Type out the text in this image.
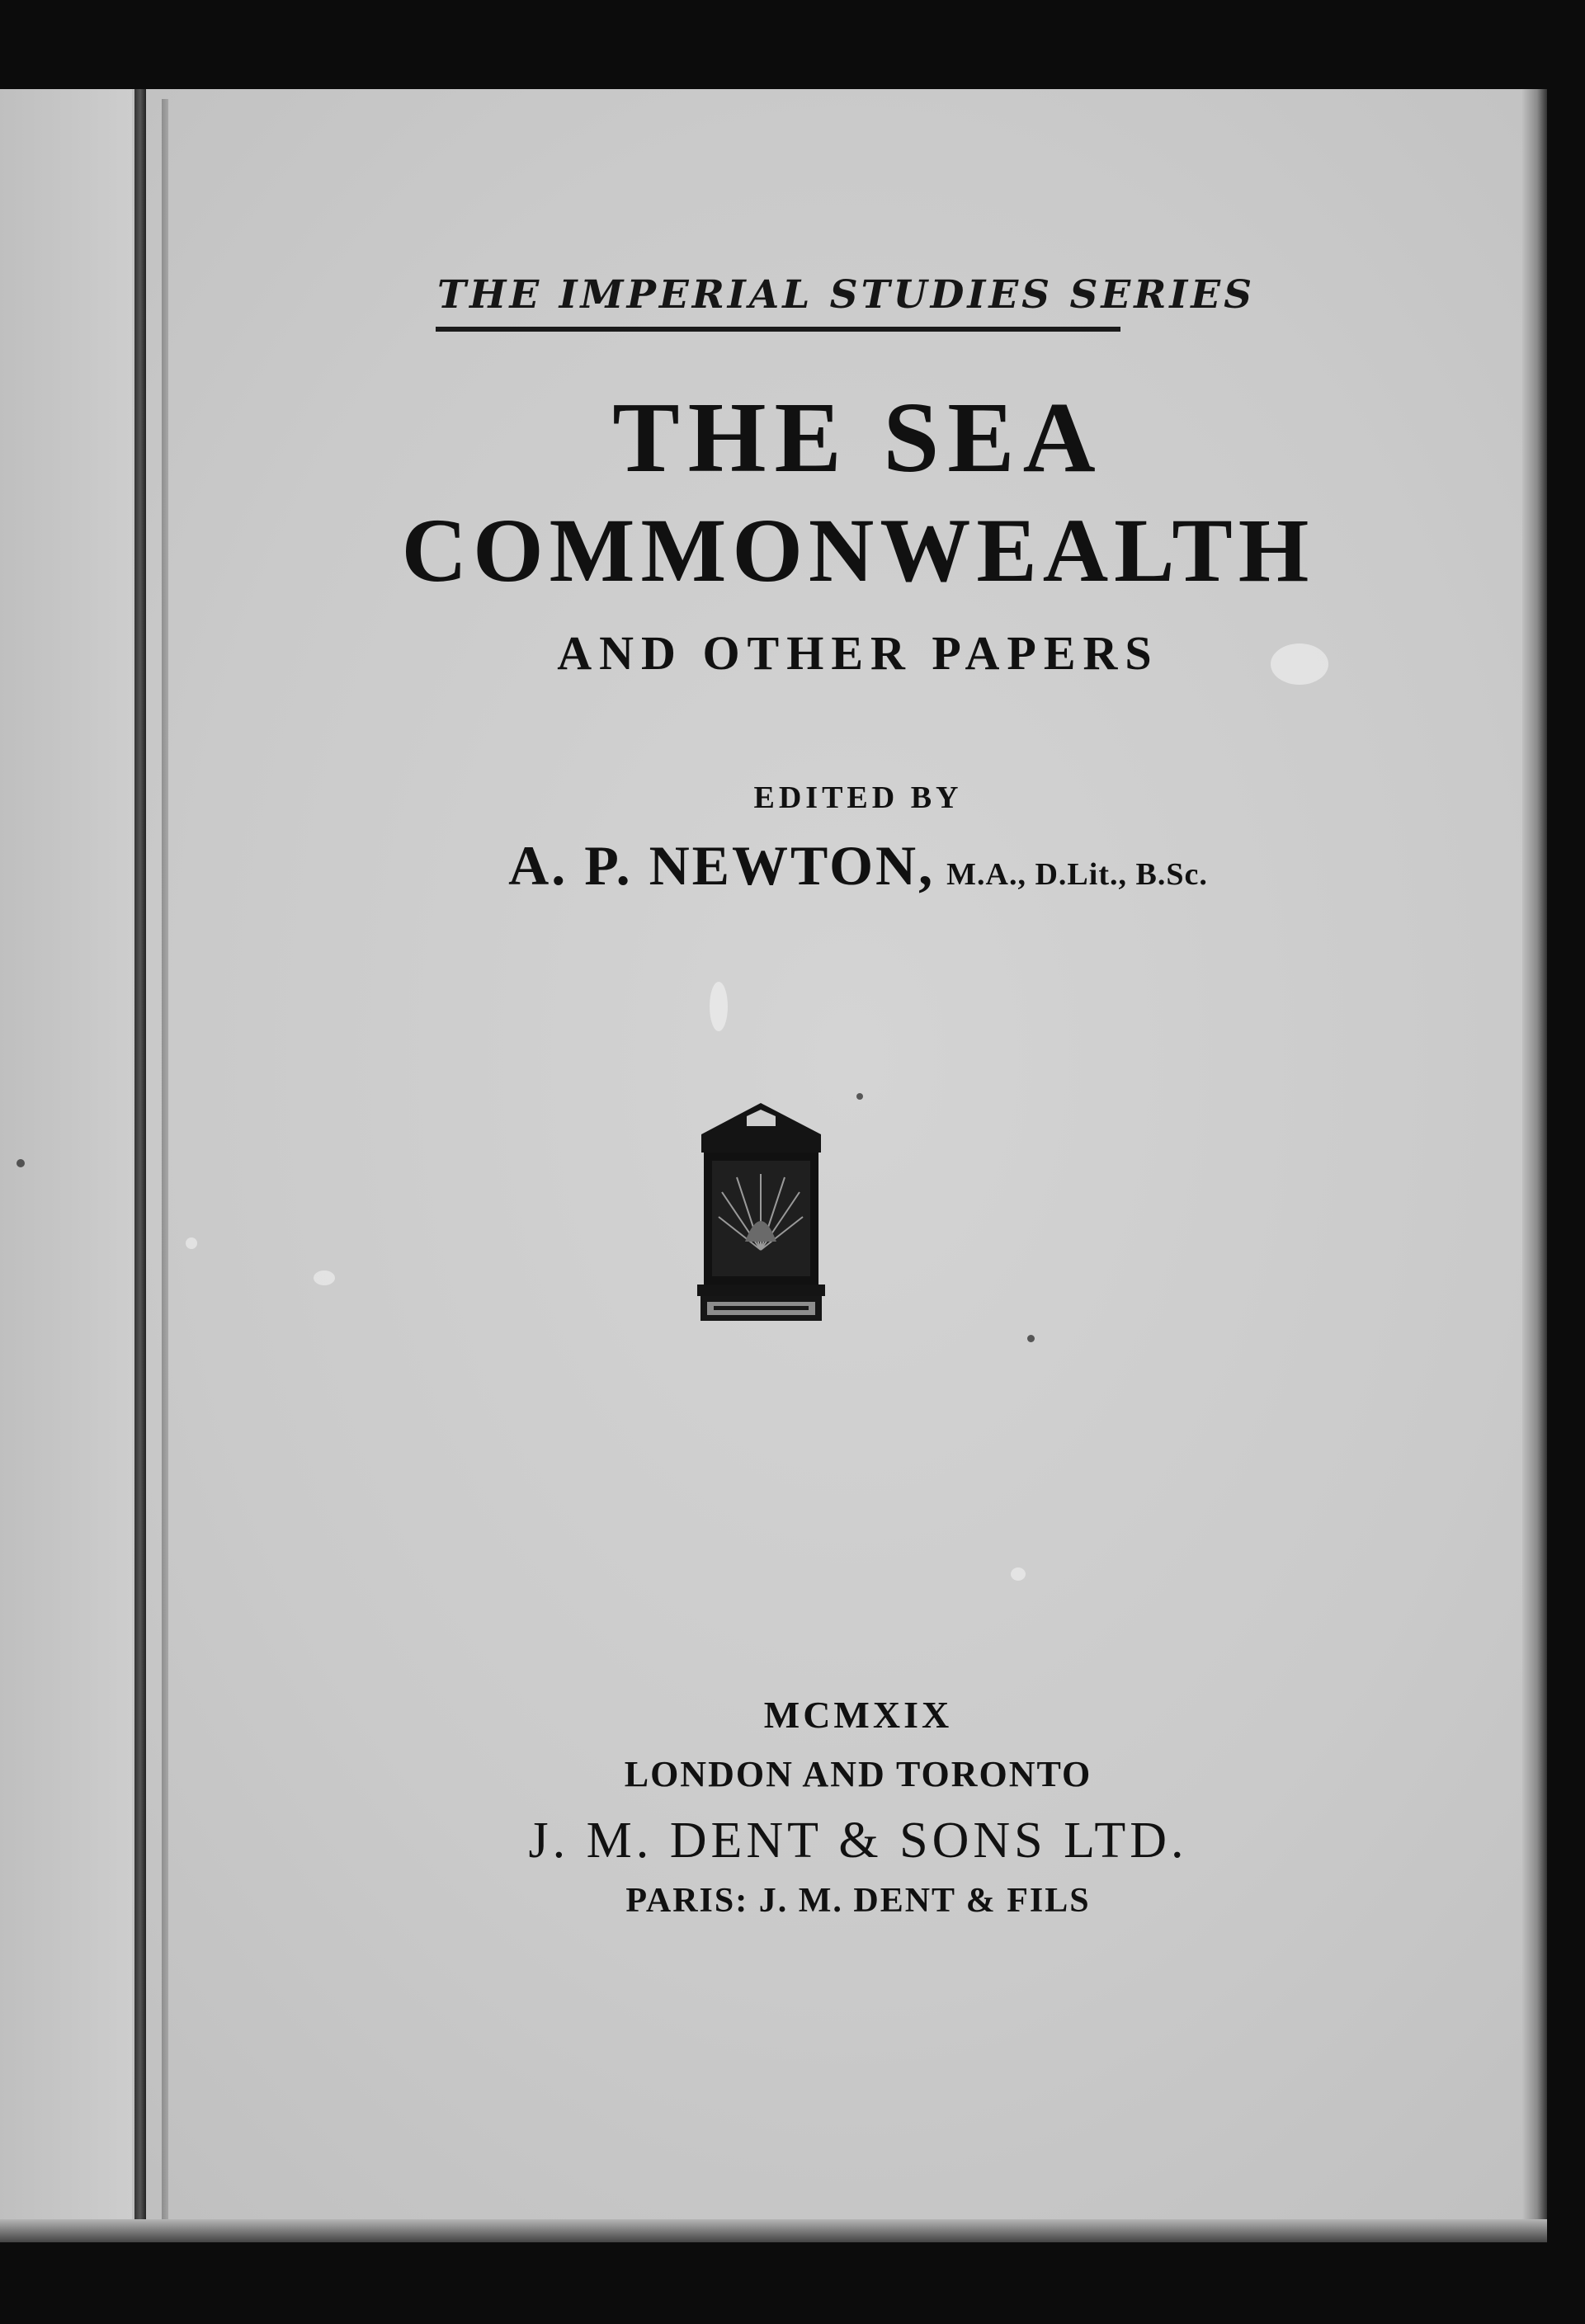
THE IMPERIAL STUDIES SERIES
THE SEA
COMMONWEALTH
AND OTHER PAPERS
EDITED BY
A. P. NEWTON, M.A., D.Lit., B.Sc.
MCMXIX
LONDON AND TORONTO
J. M. DENT & SONS LTD.
PARIS: J. M. DENT & FILS
